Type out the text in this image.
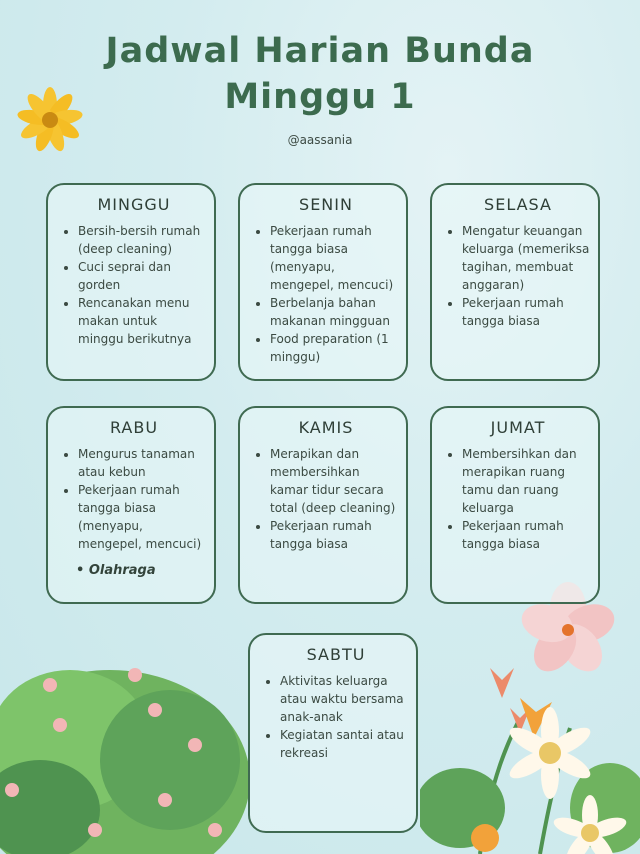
Jadwal Harian Bunda
Minggu 1
@aassania
MINGGU
• Bersih-bersih rumah (deep cleaning)
• Cuci seprai dan gorden
• Rencanakan menu makan untuk minggu berikutnya
SENIN
• Pekerjaan rumah tangga biasa (menyapu, mengepel, mencuci)
• Berbelanja bahan makanan mingguan
• Food preparation (1 minggu)
SELASA
• Mengatur keuangan keluarga (memeriksa tagihan, membuat anggaran)
• Pekerjaan rumah tangga biasa
RABU
• Mengurus tanaman atau kebun
• Pekerjaan rumah tangga biasa (menyapu, mengepel, mencuci)
• Olahraga
KAMIS
• Merapikan dan membersihkan kamar tidur secara total (deep cleaning)
• Pekerjaan rumah tangga biasa
JUMAT
• Membersihkan dan merapikan ruang tamu dan ruang keluarga
• Pekerjaan rumah tangga biasa
SABTU
• Aktivitas keluarga atau waktu bersama anak-anak
• Kegiatan santai atau rekreasi
